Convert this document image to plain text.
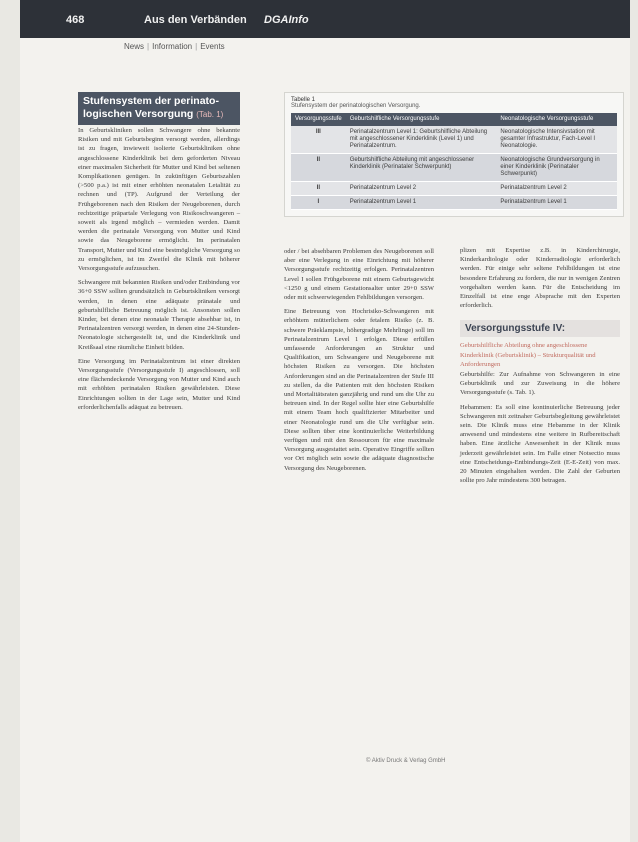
468	Aus den Verbänden DGAInfo
News | Information | Events
Stufensystem der perinato-logischen Versorgung (Tab. 1)

In Geburtskliniken sollen Schwangere ohne bekannte Risiken und mit Geburtsbeginn versorgt werden, allerdings ist zu fragen, inwieweit isolierte Geburtskliniken ohne angeschlossene Kinderklinik bei dem geforderten Niveau einer maximalen Sicherheit für Mutter und Kind bei seltenen Komplikationen genügen. In zukünftigen Geburtszahlen (>500 p.a.) ist mit einer erhöhten neonatalen Letalität zu rechnen und (TP). Aufgrund der Verteilung der Frühgeborenen nach den Risiken der Neugeborenen, durch rechtzeitige präpartale Verlegung von Risikoschwangeren – soweit als irgend möglich – vermieden werden. Damit werden die perinatale Versorgung von Mutter und Kind sowie das Neugeborene ermöglicht. Im perinatalen Transport, Mutter und Kind eine bestmögliche Versorgung so zu ermöglichen, ist im Zweifel die Klinik mit höherer Versorgungsstufe aufzusuchen.

Schwangere mit bekannten Risiken und/oder Entbindung vor 36+0 SSW sollten grundsätzlich in Geburtskliniken versorgt werden, in denen eine adäquate pränatale und geburtshilfliche Betreuung möglich ist. Ansonsten sollen Kinder, bei denen eine neonatale Therapie absehbar ist, in Perinatalzentren versorgt werden, in denen eine 24-Stunden-Neonatologie sichergestellt ist, und die Kinderklinik und Kreißsaal eine räumliche Einheit bilden.

Eine Versorgung im Perinatalzentrum ist einer direkten Versorgungsstufe (Versorgungsstufe I) angeschlossen, soll eine flächendeckende Versorgung von Mutter und Kind auch mit erhöhten perinatalen Risiken gewährleisten. Diese Einrichtungen sollten in der Lage sein, Mutter und Kind erforderlichenfalls adäquat zu betreuen.

Tabelle 1
Stufensystem der perinatologischen Versorgung.
Versorgungsstufe	Geburtshilfliche Versorgungsstufe	Neonatologische Versorgungsstufe
III	Perinatalzentrum Level 1: Geburtshilfliche Abteilung mit angeschlossener Kinderklinik (Level 1) und Perinatalzentrum.	Neonatologische Intensivstation mit gesamter Infrastruktur, Fach-Level I Neonatologie.
II	Geburtshilfliche Abteilung mit angeschlossener Kinderklinik (Perinataler Schwerpunkt)	Neonatologische Grundversorgung in einer Kinderklinik (Perinataler Schwerpunkt)
II	Perinatalzentrum Level 2	Perinatalzentrum Level 2
I	Perinatalzentrum Level 1	Perinatalzentrum Level 1

oder / bei absehbaren Problemen des Neugeborenen soll aber eine Verlegung in eine Einrichtung mit höherer Versorgungsstufe rechtzeitig erfolgen. Perinatalzentren Level I sollen Frühgeborene mit einem Geburtsgewicht <1250 g und einem Gestationsalter unter 29+0 SSW oder mit schwerwiegenden Fehlbildungen versorgen.

Eine Betreuung von Hochrisiko-Schwangeren mit erhöhtem mütterlichem oder fetalem Risiko (z. B. schwere Präeklampsie, höhergradige Mehrlinge) soll im Perinatalzentrum Level 1 erfolgen. Diese erfüllen umfassende Anforderungen an Struktur und Qualifikation, um Schwangere und Neugeborene mit höchsten Risiken zu versorgen. Die höchsten Anforderungen sind an die Perinatalzentren der Stufe III zu stellen, da die Patienten mit den höchsten Risiken und Mortalitätsraten ganzjährig und rund um die Uhr zu betreuen sind. In der Regel sollte hier eine Geburtshilfe mit einem Team hoch qualifizierter Mitarbeiter und einer Neonatologie rund um die Uhr verfügbar sein. Diese sollten über eine kontinuierliche Weiterbildung verfügen und mit den Ressourcen für eine maximale Versorgung ausgestattet sein. Operative Eingriffe sollten vor Ort möglich sein sowie die adäquate diagnostische Versorgung des Neugeborenen.

plizen mit Expertise z.B. in Kinderchirurgie, Kinderkardiologie oder Kinderradiologie erforderlich werden. Für einige sehr seltene Fehlbildungen ist eine besondere Erfahrung zu fordern, die nur in wenigen Zentren vorgehalten werden kann. Für die Entscheidung im Einzelfall ist eine enge Absprache mit den Experten erforderlich.
Versorgungsstufe IV:
Geburtshilfliche Abteilung ohne angeschlossene Kinderklinik (Geburtsklinik) – Strukturqualität und Anforderungen

Geburtshilfe: Zur Aufnahme von Schwangeren in eine Geburtsklinik und zur Zuweisung in die höhere Versorgungsstufe (s. Tab. 1).

Hebammen: Es soll eine kontinuierliche Betreuung jeder Schwangeren mit zeitnaher Geburtsbegleitung gewährleistet sein. Die Klinik muss eine Hebamme in der Klinik anwesend und mindestens eine weitere in Rufbereitschaft haben. Eine ärztliche Anwesenheit in der Klinik muss jederzeit gewährleistet sein. Im Falle einer Notsectio muss eine Entscheidungs-Entbindungs-Zeit (E-E-Zeit) von max. 20 Minuten eingehalten werden. Die Zahl der Geburten sollte pro Jahr mindestens 300 betragen.

© Aktiv Druck & Verlag GmbH
